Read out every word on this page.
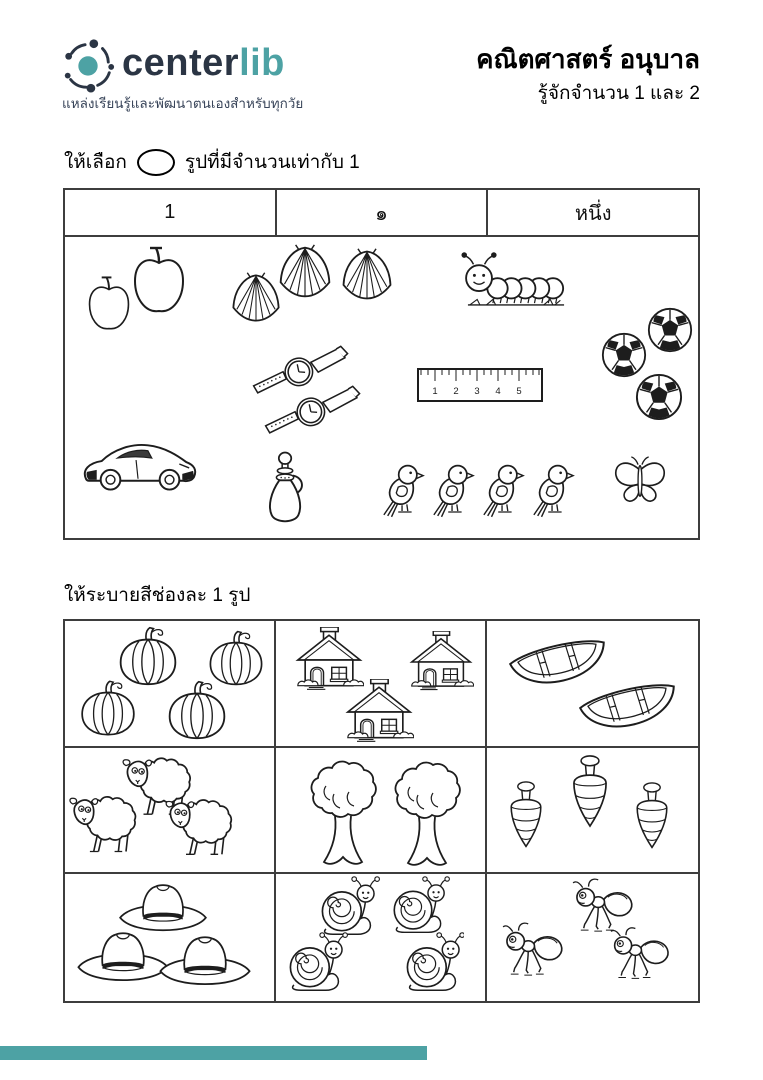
centerlib
แหล่งเรียนรู้และพัฒนาตนเองสำหรับทุกวัย
คณิตศาสตร์ อนุบาล
รู้จักจำนวน 1 และ 2
ให้เลือก	รูปที่มีจำนวนเท่ากับ 1
1	๑	หนึ่ง
1 2 3 4 5
ให้ระบายสีช่องละ 1 รูป
